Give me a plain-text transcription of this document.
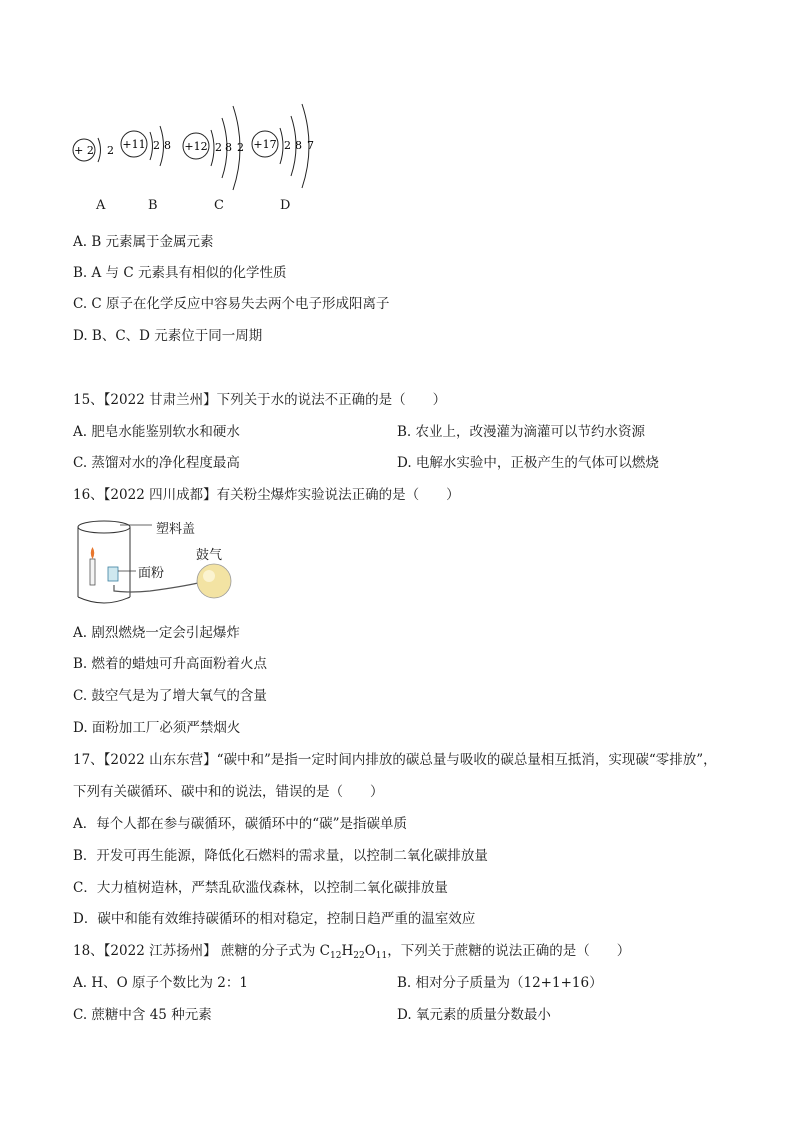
+ 2 2 +11 2 8 +12 2 8 2 +17 2 8 7
A	B	C	D
A. B 元素属于金属元素
B. A 与 C 元素具有相似的化学性质
C. C 原子在化学反应中容易失去两个电子形成阳离子
D. B、C、D 元素位于同一周期
15、【2022 甘肃兰州】下列关于水的说法不正确的是（　　）
A. 肥皂水能鉴别软水和硬水	B. 农业上，改漫灌为滴灌可以节约水资源
C. 蒸馏对水的净化程度最高	D. 电解水实验中，正极产生的气体可以燃烧
16、【2022 四川成都】有关粉尘爆炸实验说法正确的是（　　）
塑料盖
面粉
鼓气
A. 剧烈燃烧一定会引起爆炸
B. 燃着的蜡烛可升高面粉着火点
C. 鼓空气是为了增大氧气的含量
D. 面粉加工厂必须严禁烟火
17、【2022 山东东营】“碳中和”是指一定时间内排放的碳总量与吸收的碳总量相互抵消，实现碳“零排放”，
下列有关碳循环、碳中和的说法，错误的是（　　）
A．每个人都在参与碳循环，碳循环中的“碳”是指碳单质
B．开发可再生能源，降低化石燃料的需求量，以控制二氧化碳排放量
C．大力植树造林，严禁乱砍滥伐森林，以控制二氧化碳排放量
D．碳中和能有效维持碳循环的相对稳定，控制日趋严重的温室效应
18、【2022 江苏扬州】 蔗糖的分子式为 $C_{12}H_{22}O_{11}$，下列关于蔗糖的说法正确的是（　　）
A. H、O 原子个数比为 2：1	B. 相对分子质量为（12+1+16）
C. 蔗糖中含 45 种元素	D. 氧元素的质量分数最小
